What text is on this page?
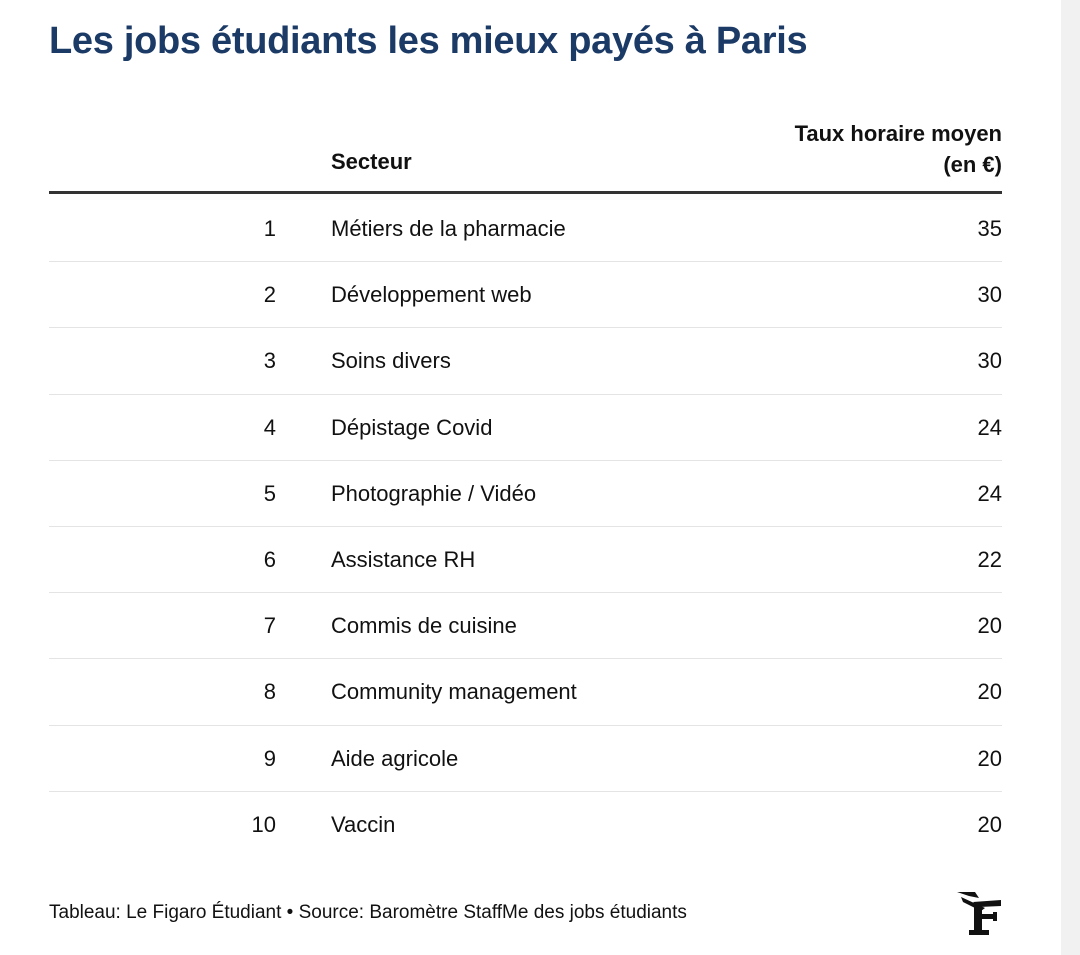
Les jobs étudiants les mieux payés à Paris
Secteur
Taux horaire moyen
(en €)
1	Métiers de la pharmacie	35
2	Développement web	30
3	Soins divers	30
4	Dépistage Covid	24
5	Photographie / Vidéo	24
6	Assistance RH	22
7	Commis de cuisine	20
8	Community management	20
9	Aide agricole	20
10	Vaccin	20
Tableau: Le Figaro Étudiant • Source: Baromètre StaffMe des jobs étudiants
